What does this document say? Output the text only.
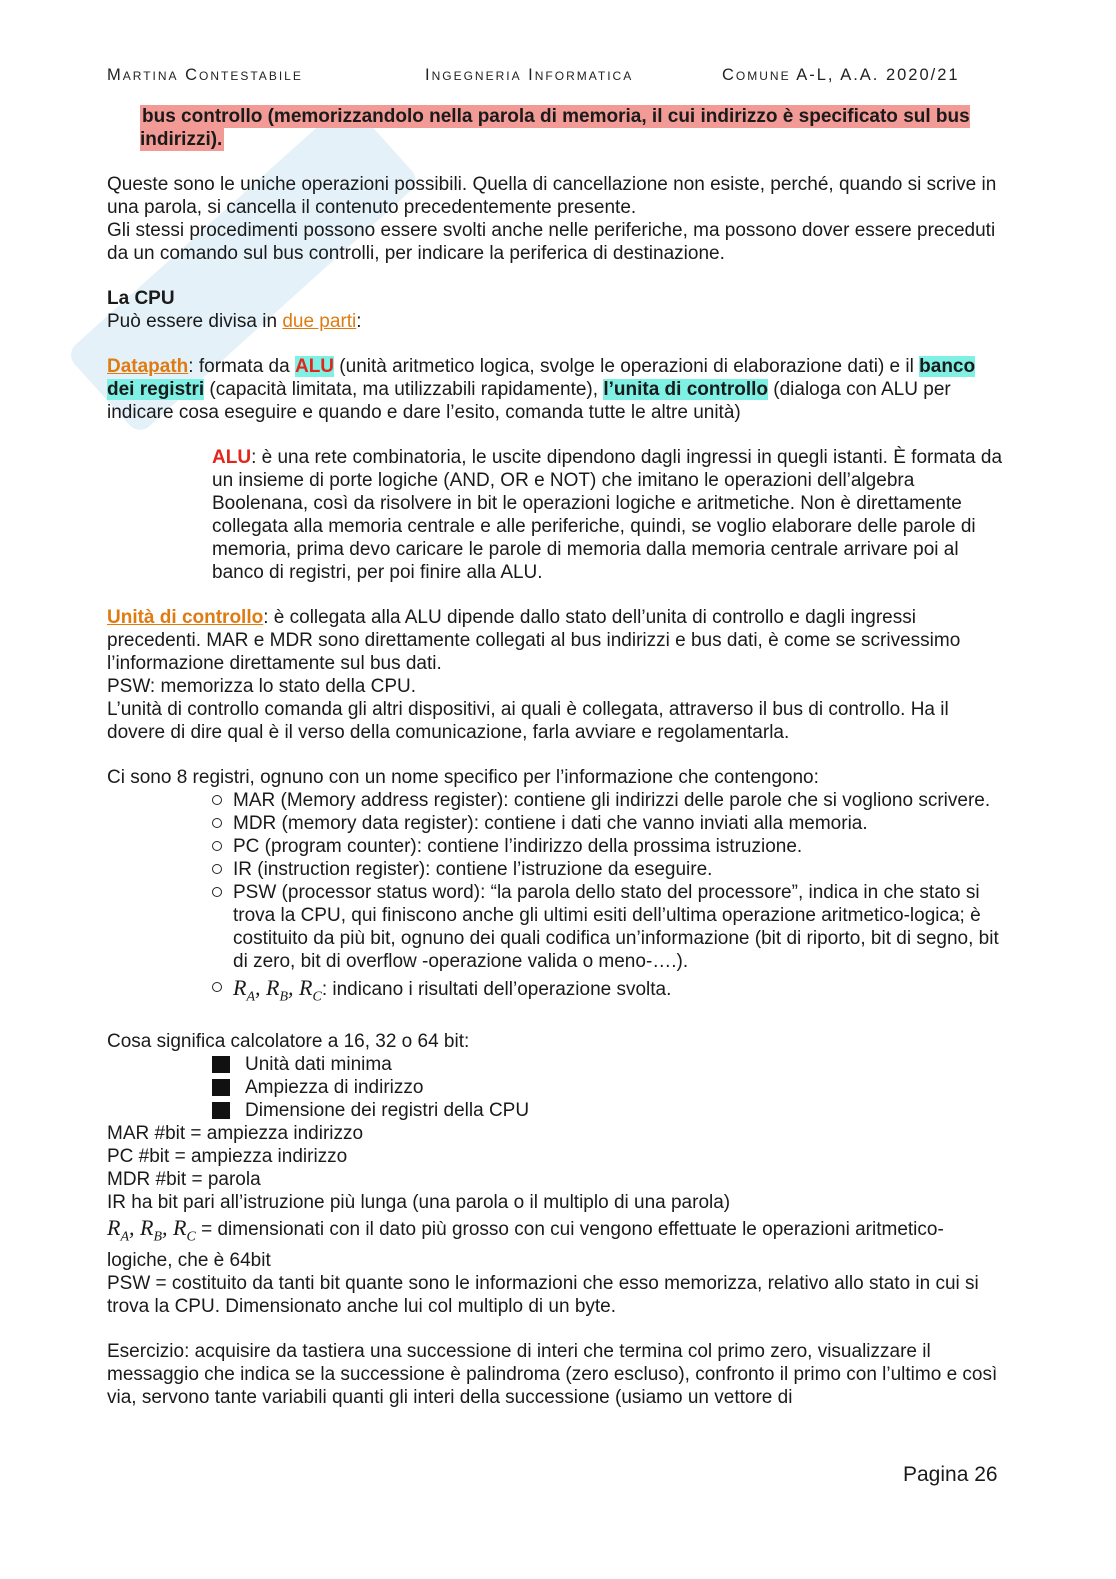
Martina Contestabile	Ingegneria Informatica	Comune A-L, A.A. 2020/21

bus controllo (memorizzandolo nella parola di memoria, il cui indirizzo è specificato sul bus indirizzi).

Queste sono le uniche operazioni possibili. Quella di cancellazione non esiste, perché, quando si scrive in una parola, si cancella il contenuto precedentemente presente.

Gli stessi procedimenti possono essere svolti anche nelle periferiche, ma possono dover essere preceduti da un comando sul bus controlli, per indicare la periferica di destinazione.

La CPU

Può essere divisa in due parti:

Datapath: formata da ALU (unità aritmetico logica, svolge le operazioni di elaborazione dati) e il banco dei registri (capacità limitata, ma utilizzabili rapidamente), l’unita di controllo (dialoga con ALU per indicare cosa eseguire e quando e dare l’esito, comanda tutte le altre unità)

ALU: è una rete combinatoria, le uscite dipendono dagli ingressi in quegli istanti. È formata da un insieme di porte logiche (AND, OR e NOT) che imitano le operazioni dell’algebra Boolenana, così da risolvere in bit le operazioni logiche e aritmetiche. Non è direttamente collegata alla memoria centrale e alle periferiche, quindi, se voglio elaborare delle parole di memoria, prima devo caricare le parole di memoria dalla memoria centrale arrivare poi al banco di registri, per poi finire alla ALU.

Unità di controllo: è collegata alla ALU dipende dallo stato dell’unita di controllo e dagli ingressi precedenti. MAR e MDR sono direttamente collegati al bus indirizzi e bus dati, è come se scrivessimo l’informazione direttamente sul bus dati.

PSW: memorizza lo stato della CPU.

L’unità di controllo comanda gli altri dispositivi, ai quali è collegata, attraverso il bus di controllo. Ha il dovere di dire qual è il verso della comunicazione, farla avviare e regolamentarla.

Ci sono 8 registri, ognuno con un nome specifico per l’informazione che contengono:

MAR (Memory address register): contiene gli indirizzi delle parole che si vogliono scrivere.
MDR (memory data register): contiene i dati che vanno inviati alla memoria.
PC (program counter): contiene l’indirizzo della prossima istruzione.
IR (instruction register): contiene l’istruzione da eseguire.
PSW (processor status word): “la parola dello stato del processore”, indica in che stato si trova la CPU, qui finiscono anche gli ultimi esiti dell’ultima operazione aritmetico-logica; è costituito da più bit, ognuno dei quali codifica un’informazione (bit di riporto, bit di segno, bit di zero, bit di overflow -operazione valida o meno-….).
$R_A$, $R_B$, $R_C$: indicano i risultati dell’operazione svolta.

Cosa significa calcolatore a 16, 32 o 64 bit:

Unità dati minima
Ampiezza di indirizzo
Dimensione dei registri della CPU

MAR #bit = ampiezza indirizzo

PC #bit = ampiezza indirizzo

MDR #bit = parola

IR ha bit pari all’istruzione più lunga (una parola o il multiplo di una parola)

$R_A$, $R_B$, $R_C$ = dimensionati con il dato più grosso con cui vengono effettuate le operazioni aritmetico-logiche, che è 64bit

PSW = costituito da tanti bit quante sono le informazioni che esso memorizza, relativo allo stato in cui si trova la CPU. Dimensionato anche lui col multiplo di un byte.

Esercizio: acquisire da tastiera una successione di interi che termina col primo zero, visualizzare il messaggio che indica se la successione è palindroma (zero escluso), confronto il primo con l’ultimo e così via, servono tante variabili quanti gli interi della successione (usiamo un vettore di

Pagina 26
